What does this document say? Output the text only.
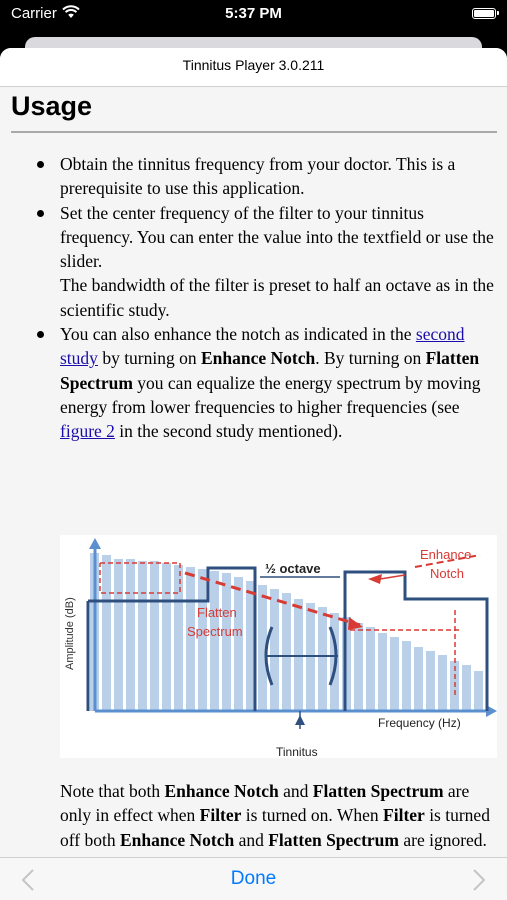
Carrier	5:37 PM
Tinnitus Player 3.0.211
Usage
Obtain the tinnitus frequency from your doctor. This is a prerequisite to use this application.
Set the center frequency of the filter to your tinnitus frequency. You can enter the value into the textfield or use the slider.
The bandwidth of the filter is preset to half an octave as in the scientific study.
You can also enhance the notch as indicated in the second study by turning on Enhance Notch. By turning on Flatten Spectrum you can equalize the energy spectrum by moving energy from lower frequencies to higher frequencies (see figure 2 in the second study mentioned).
Amplitude (dB)
Frequency (Hz)
½ octave
Flatten
Spectrum
Enhance
Notch
Tinnitus
Note that both Enhance Notch and Flatten Spectrum are only in effect when Filter is turned on. When Filter is turned off both Enhance Notch and Flatten Spectrum are ignored.
Done
